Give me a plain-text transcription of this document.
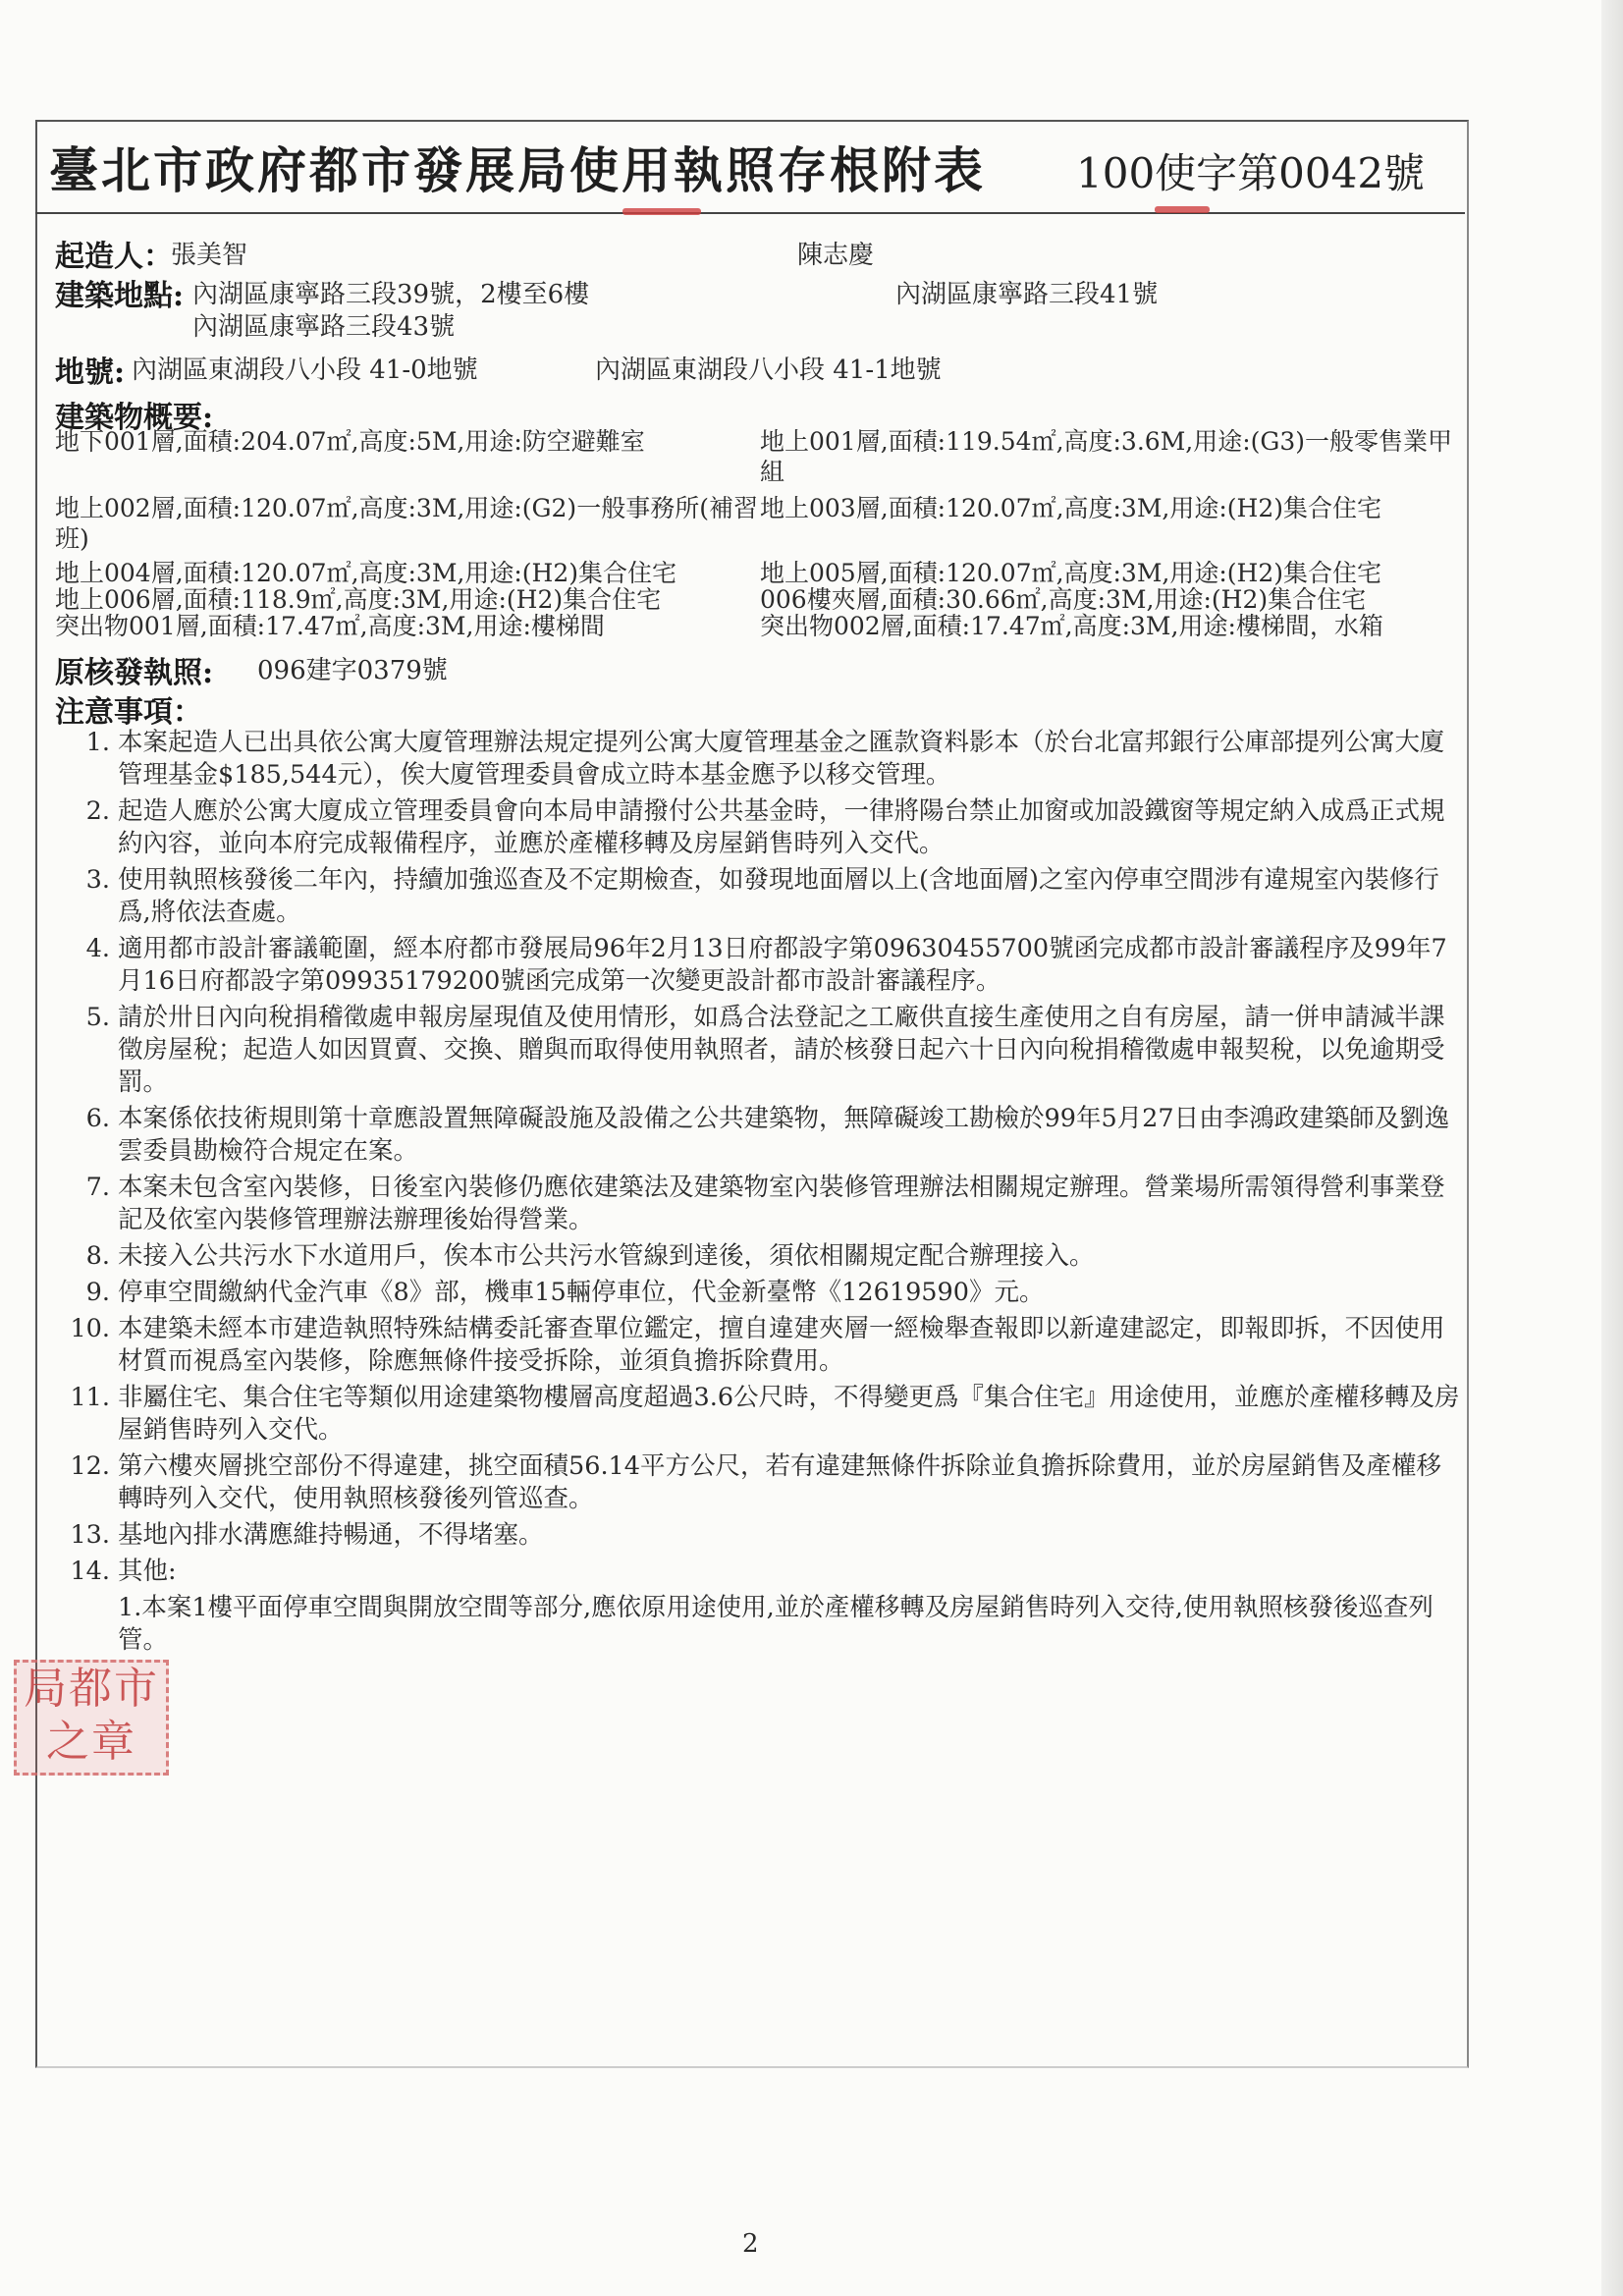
臺北市政府都市發展局使用執照存根附表 100使字第0042號
起造人：
張美智	陳志慶
建築地點: 內湖區康寧路三段39號，2樓至6樓	內湖區康寧路三段41號
內湖區康寧路三段43號
地號: 內湖區東湖段八小段 41-0地號	內湖區東湖段八小段 41-1地號
建築物概要:
地下001層,面積:204.07㎡,高度:5M,用途:防空避難室	地上001層,面積:119.54㎡,高度:3.6M,用途:(G3)一般零售業甲
組
地上002層,面積:120.07㎡,高度:3M,用途:(G2)一般事務所(補習 地上003層,面積:120.07㎡,高度:3M,用途:(H2)集合住宅
班)
地上004層,面積:120.07㎡,高度:3M,用途:(H2)集合住宅	地上005層,面積:120.07㎡,高度:3M,用途:(H2)集合住宅
地上006層,面積:118.9㎡,高度:3M,用途:(H2)集合住宅	006樓夾層,面積:30.66㎡,高度:3M,用途:(H2)集合住宅
突出物001層,面積:17.47㎡,高度:3M,用途:樓梯間	突出物002層,面積:17.47㎡,高度:3M,用途:樓梯間，水箱
原核發執照: 096建字0379號
注意事項：
1. 本案起造人已出具依公寓大廈管理辦法規定提列公寓大廈管理基金之匯款資料影本（於台北富邦銀行公庫部提列公寓大廈管理基金$185,544元），俟大廈管理委員會成立時本基金應予以移交管理。
2. 起造人應於公寓大廈成立管理委員會向本局申請撥付公共基金時，一律將陽台禁止加窗或加設鐵窗等規定納入成爲正式規約內容，並向本府完成報備程序，並應於產權移轉及房屋銷售時列入交代。
3. 使用執照核發後二年內，持續加強巡查及不定期檢查，如發現地面層以上(含地面層)之室內停車空間涉有違規室內裝修行爲,將依法查處。
4. 適用都市設計審議範圍，經本府都市發展局96年2月13日府都設字第09630455700號函完成都市設計審議程序及99年7月16日府都設字第09935179200號函完成第一次變更設計都市設計審議程序。
5. 請於卅日內向稅捐稽徵處申報房屋現值及使用情形，如爲合法登記之工廠供直接生產使用之自有房屋，請一併申請減半課徵房屋稅；起造人如因買賣、交換、贈與而取得使用執照者，請於核發日起六十日內向稅捐稽徵處申報契稅，以免逾期受罰。
6. 本案係依技術規則第十章應設置無障礙設施及設備之公共建築物，無障礙竣工勘檢於99年5月27日由李鴻政建築師及劉逸雲委員勘檢符合規定在案。
7. 本案未包含室內裝修，日後室內裝修仍應依建築法及建築物室內裝修管理辦法相關規定辦理。營業場所需領得營利事業登記及依室內裝修管理辦法辦理後始得營業。
8. 未接入公共污水下水道用戶，俟本市公共污水管線到達後，須依相關規定配合辦理接入。
9. 停車空間繳納代金汽車《8》部，機車15輛停車位，代金新臺幣《12619590》元。
10. 本建築未經本市建造執照特殊結構委託審查單位鑑定，擅自違建夾層一經檢舉查報即以新違建認定，即報即拆，不因使用材質而視爲室內裝修，除應無條件接受拆除，並須負擔拆除費用。
11. 非屬住宅、集合住宅等類似用途建築物樓層高度超過3.6公尺時，不得變更爲『集合住宅』用途使用，並應於產權移轉及房屋銷售時列入交代。
12. 第六樓夾層挑空部份不得違建，挑空面積56.14平方公尺，若有違建無條件拆除並負擔拆除費用，並於房屋銷售及產權移轉時列入交代，使用執照核發後列管巡查。
13. 基地內排水溝應維持暢通，不得堵塞。
14. 其他:
1.本案1樓平面停車空間與開放空間等部分,應依原用途使用,並於產權移轉及房屋銷售時列入交待,使用執照核發後巡查列管。
局都市之章
2
